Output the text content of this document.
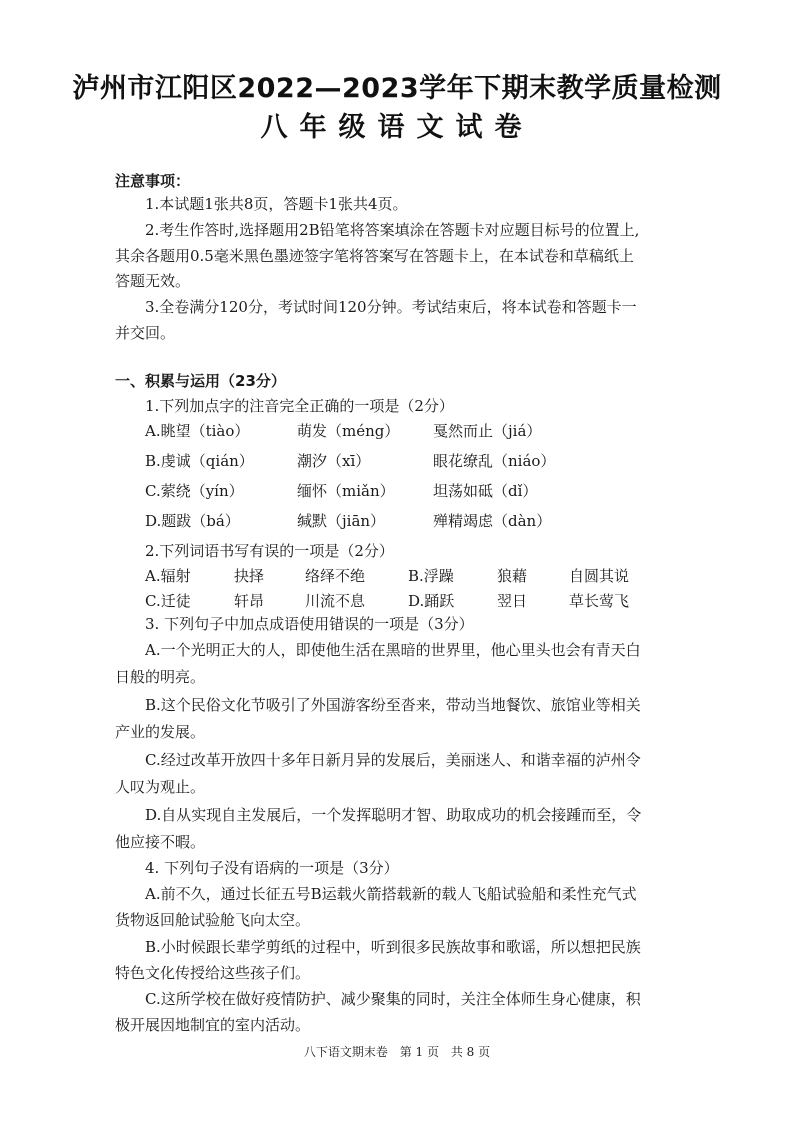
泸州市江阳区2022—2023学年下期末教学质量检测
八年级语文试卷
注意事项：
1.本试题1张共8页，答题卡1张共4页。
2.考生作答时,选择题用2B铅笔将答案填涂在答题卡对应题目标号的位置上,
其余各题用0.5毫米黑色墨迹签字笔将答案写在答题卡上，在本试卷和草稿纸上
答题无效。
3.全卷满分120分，考试时间120分钟。考试结束后，将本试卷和答题卡一
并交回。
一、积累与运用（23分）
1.下列加点字的注音完全正确的一项是（2分）
A.眺望（tiào）	萌发（méng） 戛然而止（jiá）
B.虔诚（qián）	潮汐（xī）	眼花缭乱（niáo）
C.萦绕（yín）	缅怀（miǎn）	坦荡如砥（dǐ）
D.题跋（bá）	缄默（jiān）	殚精竭虑（dàn）
2.下列词语书写有误的一项是（2分）
A.辐射	抉择	络绎不绝	B.浮躁	狼藉	自圆其说
C.迁徒	轩昂	川流不息	D.踊跃	翌日	草长莺飞
3. 下列句子中加点成语使用错误的一项是（3分）
A.一个光明正大的人，即使他生活在黑暗的世界里，他心里头也会有青天白
日般的明亮。
B.这个民俗文化节吸引了外国游客纷至沓来，带动当地餐饮、旅馆业等相关
产业的发展。
C.经过改革开放四十多年日新月异的发展后，美丽迷人、和谐幸福的泸州令
人叹为观止。
D.自从实现自主发展后，一个发挥聪明才智、助取成功的机会接踵而至，令
他应接不暇。
4. 下列句子没有语病的一项是（3分）
A.前不久，通过长征五号B运载火箭搭载新的载人飞船试验船和柔性充气式
货物返回舱试验舱飞向太空。
B.小时候跟长辈学剪纸的过程中，听到很多民族故事和歌谣，所以想把民族
特色文化传授给这些孩子们。
C.这所学校在做好疫情防护、减少聚集的同时，关注全体师生身心健康，积
极开展因地制宜的室内活动。
八下语文期末卷 第 1 页 共 8 页
